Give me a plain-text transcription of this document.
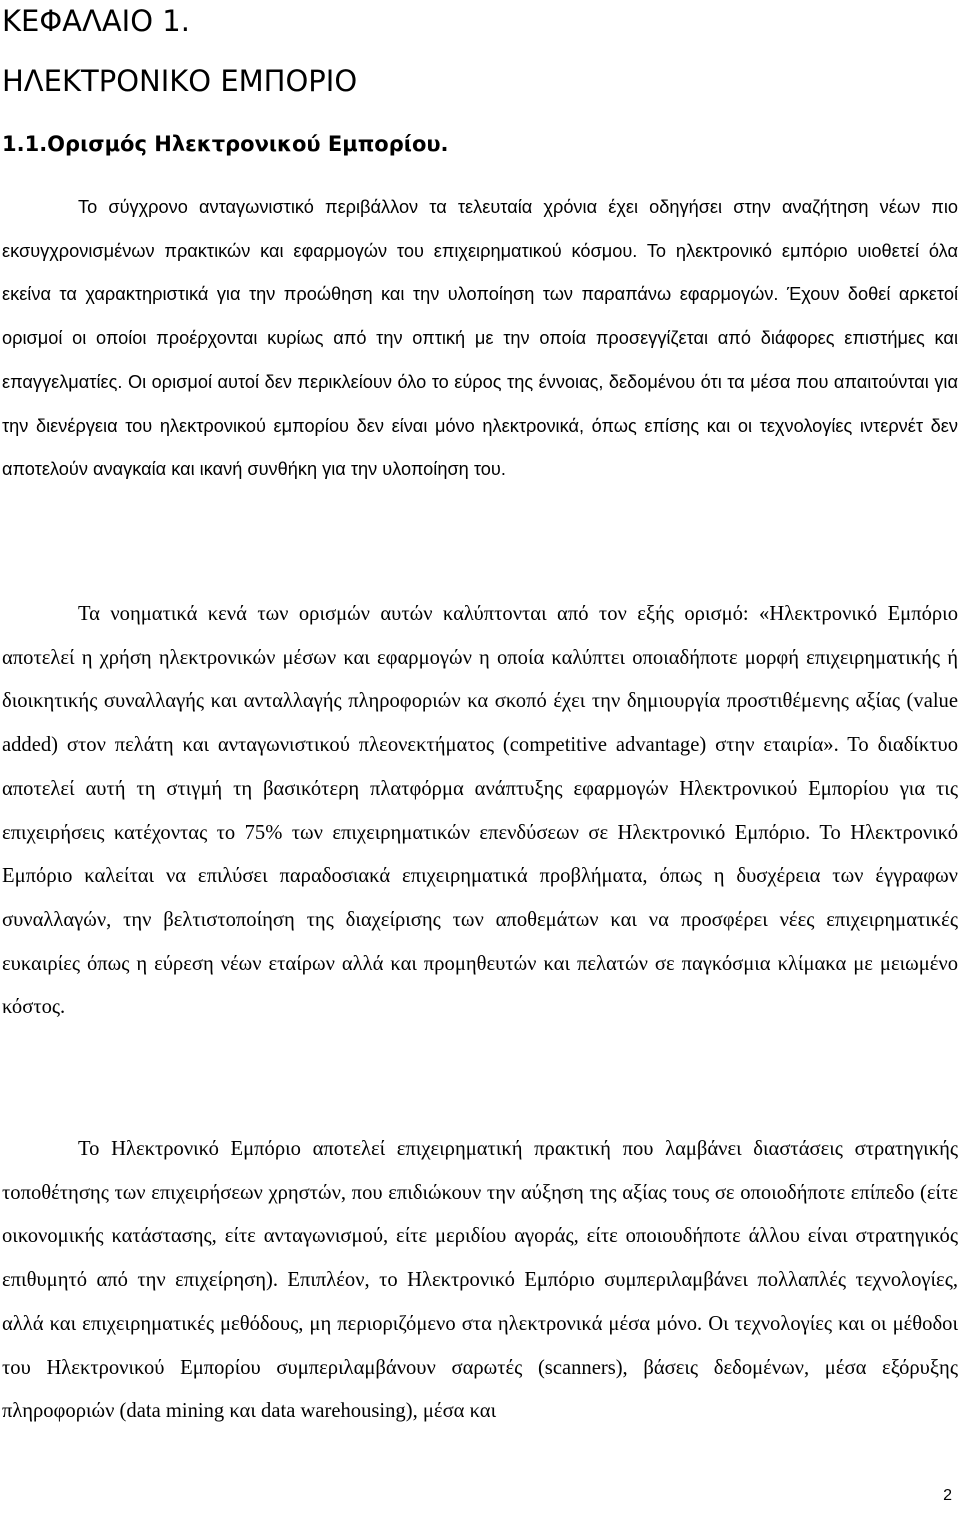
ΚΕΦΑΛΑΙΟ 1.
ΗΛΕΚΤΡΟΝΙΚΟ ΕΜΠΟΡΙΟ
1.1.Ορισμός Ηλεκτρονικού Εμπορίου.

Το σύγχρονο ανταγωνιστικό περιβάλλον τα τελευταία χρόνια έχει οδηγήσει στην αναζήτηση νέων πιο εκσυγχρονισμένων πρακτικών και εφαρμογών του επιχειρηματικού κόσμου. Το ηλεκτρονικό εμπόριο υιοθετεί όλα εκείνα τα χαρακτηριστικά για την προώθηση και την υλοποίηση των παραπάνω εφαρμογών. Έχουν δοθεί αρκετοί ορισμοί οι οποίοι προέρχονται κυρίως από την οπτική με την οποία προσεγγίζεται από διάφορες επιστήμες και επαγγελματίες. Οι ορισμοί αυτοί δεν περικλείουν όλο το εύρος της έννοιας, δεδομένου ότι τα μέσα που απαιτούνται για την διενέργεια του ηλεκτρονικού εμπορίου δεν είναι μόνο ηλεκτρονικά, όπως επίσης και οι τεχνολογίες ιντερνέτ δεν αποτελούν αναγκαία και ικανή συνθήκη για την υλοποίηση του.

Τα νοηματικά κενά των ορισμών αυτών καλύπτονται από τον εξής ορισμό: «Ηλεκτρονικό Εμπόριο αποτελεί η χρήση ηλεκτρονικών μέσων και εφαρμογών η οποία καλύπτει οποιαδήποτε μορφή επιχειρηματικής ή διοικητικής συναλλαγής και ανταλλαγής πληροφοριών κα σκοπό έχει την δημιουργία προστιθέμενης αξίας (value added) στον πελάτη και ανταγωνιστικού πλεονεκτήματος (competitive advantage) στην εταιρία». Το διαδίκτυο αποτελεί αυτή τη στιγμή τη βασικότερη πλατφόρμα ανάπτυξης εφαρμογών Ηλεκτρονικού Εμπορίου για τις επιχειρήσεις κατέχοντας το 75% των επιχειρηματικών επενδύσεων σε Ηλεκτρονικό Εμπόριο. Το Ηλεκτρονικό Εμπόριο καλείται να επιλύσει παραδοσιακά επιχειρηματικά προβλήματα, όπως η δυσχέρεια των έγγραφων συναλλαγών, την βελτιστοποίηση της διαχείρισης των αποθεμάτων και να προσφέρει νέες επιχειρηματικές ευκαιρίες όπως η εύρεση νέων εταίρων αλλά και προμηθευτών και πελατών σε παγκόσμια κλίμακα με μειωμένο κόστος.

Το Ηλεκτρονικό Εμπόριο αποτελεί επιχειρηματική πρακτική που λαμβάνει διαστάσεις στρατηγικής τοποθέτησης των επιχειρήσεων χρηστών, που επιδιώκουν την αύξηση της αξίας τους σε οποιοδήποτε επίπεδο (είτε οικονομικής κατάστασης, είτε ανταγωνισμού, είτε μεριδίου αγοράς, είτε οποιουδήποτε άλλου είναι στρατηγικός επιθυμητό από την επιχείρηση). Επιπλέον, το Ηλεκτρονικό Εμπόριο συμπεριλαμβάνει πολλαπλές τεχνολογίες, αλλά και επιχειρηματικές μεθόδους, μη περιοριζόμενο στα ηλεκτρονικά μέσα μόνο. Οι τεχνολογίες και οι μέθοδοι του Ηλεκτρονικού Εμπορίου συμπεριλαμβάνουν σαρωτές (scanners), βάσεις δεδομένων, μέσα εξόρυξης πληροφοριών (data mining και data warehousing), μέσα και

2
